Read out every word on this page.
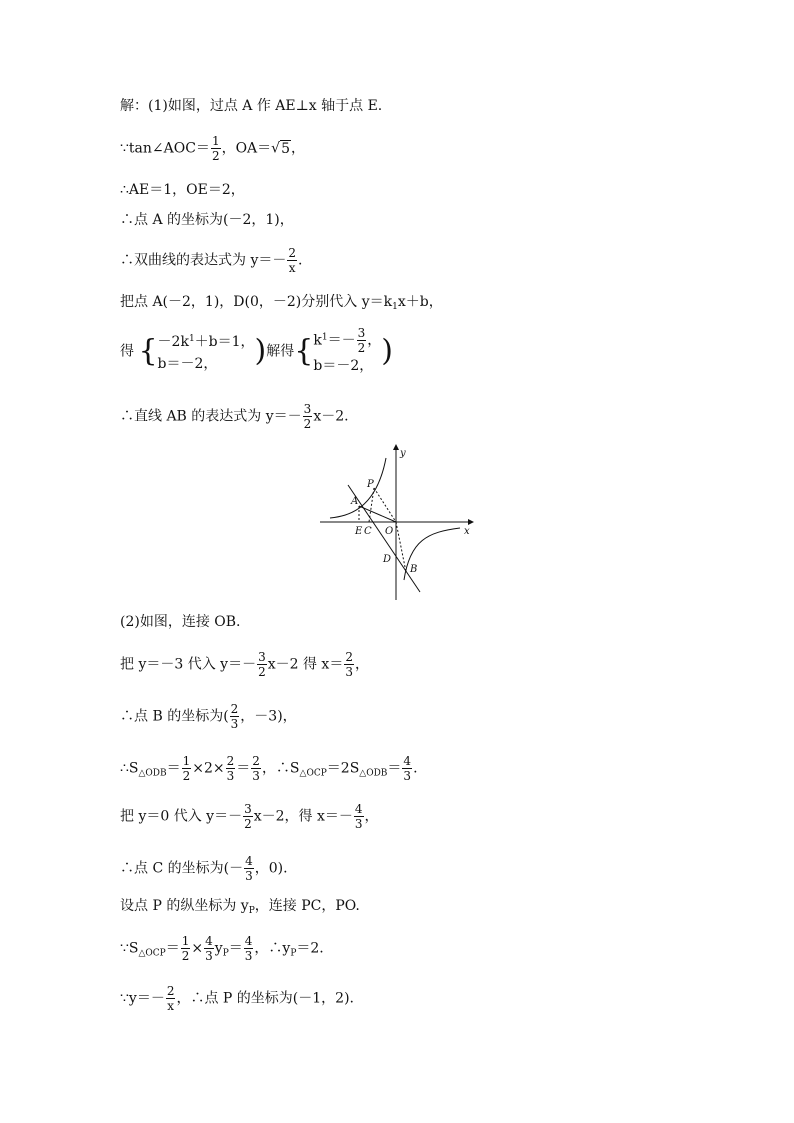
解：(1)如图，过点 A 作 AE⊥x 轴于点 E.
∵tan∠AOC＝ $\frac{1}{2}$ ，OA＝√5，
∴AE＝1，OE＝2，
∴点 A 的坐标为(－2，1)，
∴双曲线的表达式为 $y=- \frac{2}{x}$ .
把点 A(－2，1)，D(0，－2)分别代入 $y=k_1x+b$，
得 {$-2k^1+b=1$，
b＝－2， )解得{$k^1=- \frac{3}{2}$ ，
b＝－2， )
∴直线 AB 的表达式为 $y=- \frac{3}{2} x-2$.
x
y
P
A
E C O
D
B
(2)如图，连接 OB.
把 y＝－3 代入 $y=- \frac{3}{2} x-2$ 得 $x= \frac{2}{3}$ ，
∴点 B 的坐标为( $\frac{2}{3}$ ，－3)，
$\therefore S_{\triangle ODB}= \frac{1}{2} \times 2\times \frac{2}{3} = \frac{2}{3}$ ，$\therefore S_{\triangle OCP}=2S_{\triangle ODB}= \frac{4}{3}$ .
把 y＝0 代入 $y=- \frac{3}{2} x-2$，得 $x=- \frac{4}{3}$ ，
∴点 C 的坐标为(－ $\frac{4}{3}$ ，0).
设点 P 的纵坐标为 $y_P$，连接 PC，PO.
$\because S_{\triangle OCP}= \frac{1}{2} \times \frac{4}{3} y_P= \frac{4}{3}$ ，$\therefore y_P=2$.
∵y＝－ $\frac{2}{x}$ ，∴点 P 的坐标为(－1，2).
